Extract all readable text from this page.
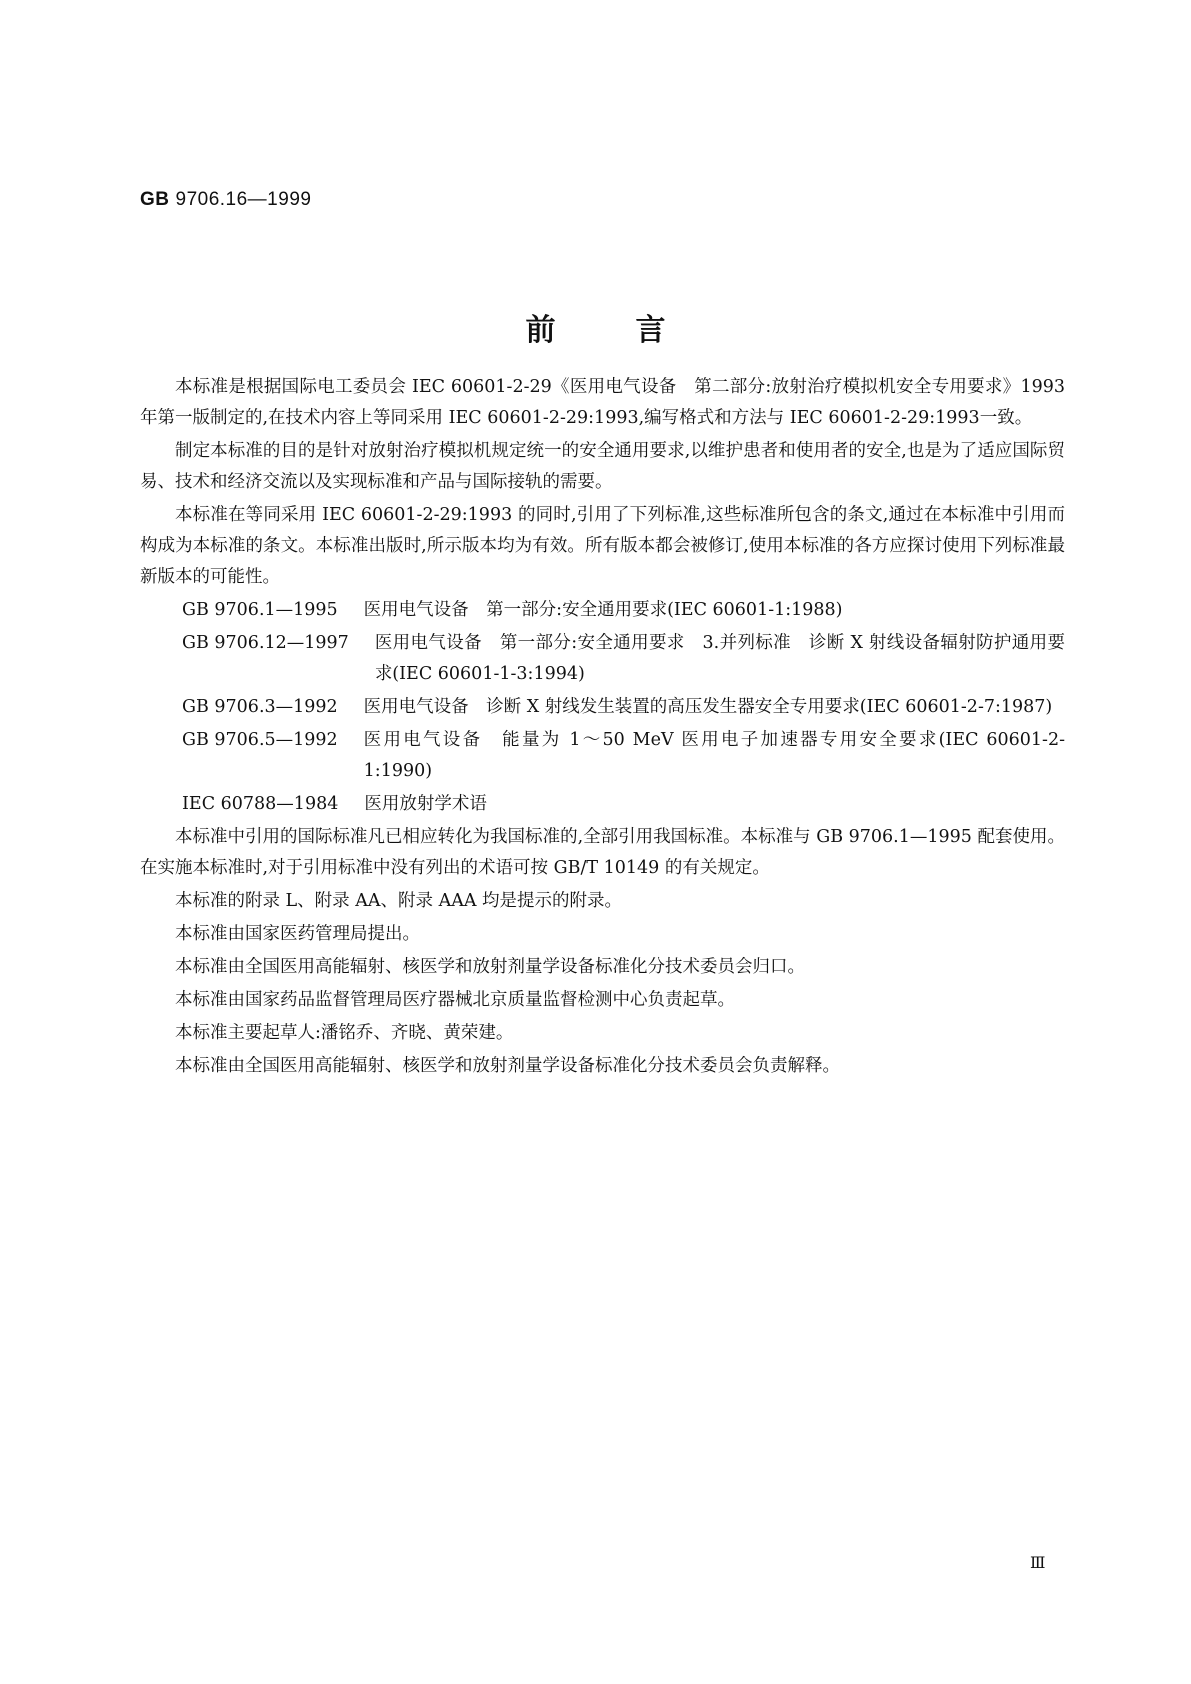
GB 9706.16—1999
前言

本标准是根据国际电工委员会 IEC 60601-2-29《医用电气设备　第二部分:放射治疗模拟机安全专用要求》1993 年第一版制定的,在技术内容上等同采用 IEC 60601-2-29:1993,编写格式和方法与 IEC 60601-2-29:1993一致。

制定本标准的目的是针对放射治疗模拟机规定统一的安全通用要求,以维护患者和使用者的安全,也是为了适应国际贸易、技术和经济交流以及实现标准和产品与国际接轨的需要。

本标准在等同采用 IEC 60601-2-29:1993 的同时,引用了下列标准,这些标准所包含的条文,通过在本标准中引用而构成为本标准的条文。本标准出版时,所示版本均为有效。所有版本都会被修订,使用本标准的各方应探讨使用下列标准最新版本的可能性。

GB 9706.1—1995 医用电气设备　第一部分:安全通用要求(IEC 60601-1:1988)
GB 9706.12—1997 医用电气设备　第一部分:安全通用要求　3.并列标准　诊断 X 射线设备辐射防护通用要求(IEC 60601-1-3:1994)
GB 9706.3—1992 医用电气设备　诊断 X 射线发生装置的高压发生器安全专用要求(IEC 60601-2-7:1987)
GB 9706.5—1992 医用电气设备　能量为 1～50 MeV 医用电子加速器专用安全要求(IEC 60601-2-1:1990)
IEC 60788—1984 医用放射学术语

本标准中引用的国际标准凡已相应转化为我国标准的,全部引用我国标准。本标准与 GB 9706.1—1995 配套使用。在实施本标准时,对于引用标准中没有列出的术语可按 GB/T 10149 的有关规定。

本标准的附录 L、附录 AA、附录 AAA 均是提示的附录。

本标准由国家医药管理局提出。

本标准由全国医用高能辐射、核医学和放射剂量学设备标准化分技术委员会归口。

本标准由国家药品监督管理局医疗器械北京质量监督检测中心负责起草。

本标准主要起草人:潘铭乔、齐晓、黄荣建。

本标准由全国医用高能辐射、核医学和放射剂量学设备标准化分技术委员会负责解释。

Ⅲ
